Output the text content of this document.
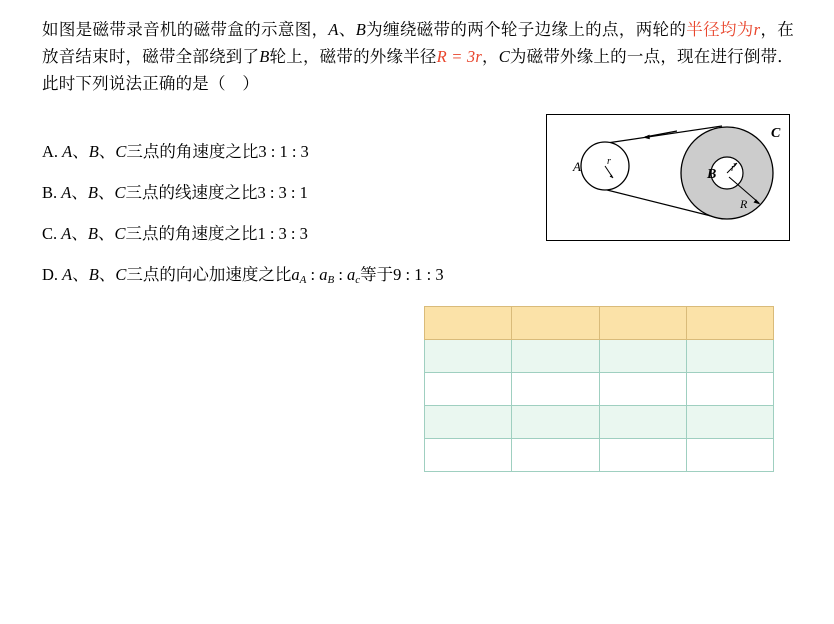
如图是磁带录音机的磁带盒的示意图，A、B为缠绕磁带的两个轮子边缘上的点，两轮的半径均为r，在放音结束时，磁带全部绕到了B轮上，磁带的外缘半径R = 3r，C为磁带外缘上的一点，现在进行倒带．此时下列说法正确的是（　）
A. A、B、C三点的角速度之比3 : 1 : 3
B. A、B、C三点的线速度之比3 : 3 : 1
C. A、B、C三点的角速度之比1 : 3 : 3
D. A、B、C三点的向心加速度之比$a_A$ : $a_B$ : $a_c$等于9 : 1 : 3
r
r
R
A
B
C
